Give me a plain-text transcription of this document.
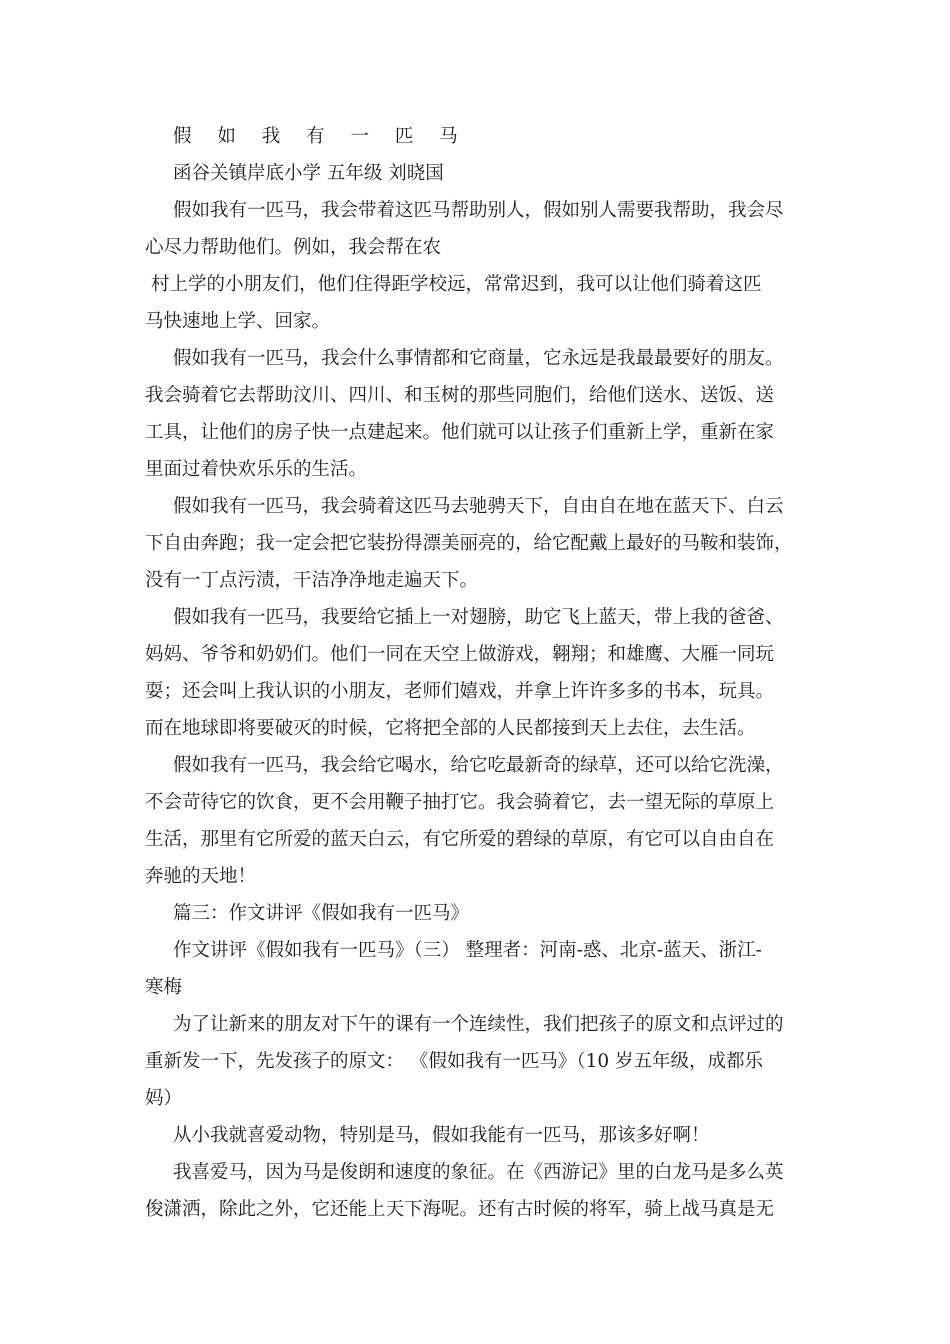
假 如 我 有 一 匹 马

函谷关镇岸底小学 五年级 刘晓国

假如我有一匹马，我会带着这匹马帮助别人，假如别人需要我帮助，我会尽

心尽力帮助他们。例如，我会帮在农

村上学的小朋友们，他们住得距学校远，常常迟到，我可以让他们骑着这匹

马快速地上学、回家。

假如我有一匹马，我会什么事情都和它商量，它永远是我最最要好的朋友。

我会骑着它去帮助汶川、四川、和玉树的那些同胞们，给他们送水、送饭、送

工具，让他们的房子快一点建起来。他们就可以让孩子们重新上学，重新在家

里面过着快欢乐乐的生活。

假如我有一匹马，我会骑着这匹马去驰骋天下，自由自在地在蓝天下、白云

下自由奔跑；我一定会把它装扮得漂美丽亮的，给它配戴上最好的马鞍和装饰，

没有一丁点污渍，干洁净净地走遍天下。

假如我有一匹马，我要给它插上一对翅膀，助它飞上蓝天，带上我的爸爸、

妈妈、爷爷和奶奶们。他们一同在天空上做游戏，翱翔；和雄鹰、大雁一同玩

耍；还会叫上我认识的小朋友，老师们嬉戏，并拿上许许多多的书本，玩具。

而在地球即将要破灭的时候，它将把全部的人民都接到天上去住，去生活。

假如我有一匹马，我会给它喝水，给它吃最新奇的绿草，还可以给它洗澡，

不会苛待它的饮食，更不会用鞭子抽打它。我会骑着它，去一望无际的草原上

生活，那里有它所爱的蓝天白云，有它所爱的碧绿的草原，有它可以自由自在

奔驰的天地！

篇三：作文讲评《假如我有一匹马》

作文讲评《假如我有一匹马》（三） 整理者：河南-惑、北京-蓝天、浙江-

寒梅

为了让新来的朋友对下午的课有一个连续性，我们把孩子的原文和点评过的

重新发一下，先发孩子的原文： 《假如我有一匹马》（10 岁五年级，成都乐

妈）

从小我就喜爱动物，特别是马，假如我能有一匹马，那该多好啊！

我喜爱马，因为马是俊朗和速度的象征。在《西游记》里的白龙马是多么英

俊潇洒，除此之外，它还能上天下海呢。还有古时候的将军，骑上战马真是无
